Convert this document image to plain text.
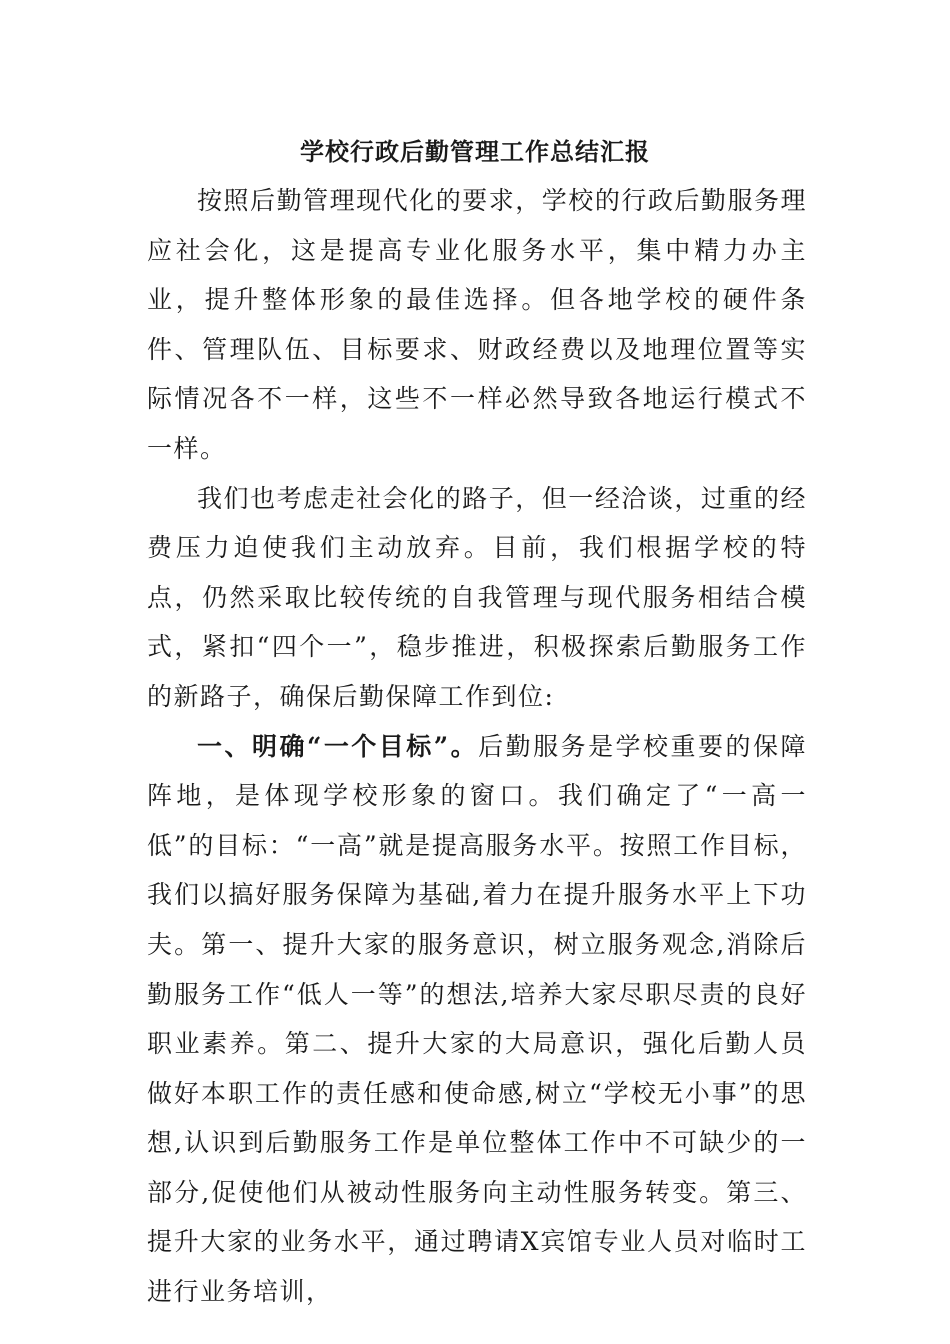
学校行政后勤管理工作总结汇报

按照后勤管理现代化的要求，学校的行政后勤服务理应社会化，这是提高专业化服务水平，集中精力办主业，提升整体形象的最佳选择。但各地学校的硬件条件、管理队伍、目标要求、财政经费以及地理位置等实际情况各不一样，这些不一样必然导致各地运行模式不一样。

我们也考虑走社会化的路子，但一经洽谈，过重的经费压力迫使我们主动放弃。目前，我们根据学校的特点，仍然采取比较传统的自我管理与现代服务相结合模式，紧扣“四个一”，稳步推进，积极探索后勤服务工作的新路子，确保后勤保障工作到位:

一、明确“一个目标”。后勤服务是学校重要的保障阵地，是体现学校形象的窗口。我们确定了“一高一低”的目标：“一高”就是提高服务水平。按照工作目标，我们以搞好服务保障为基础,着力在提升服务水平上下功夫。第一、提升大家的服务意识，树立服务观念,消除后勤服务工作“低人一等”的想法,培养大家尽职尽责的良好职业素养。第二、提升大家的大局意识，强化后勤人员做好本职工作的责任感和使命感,树立“学校无小事”的思想,认识到后勤服务工作是单位整体工作中不可缺少的一部分,促使他们从被动性服务向主动性服务转变。第三、提升大家的业务水平，通过聘请X宾馆专业人员对临时工进行业务培训，
